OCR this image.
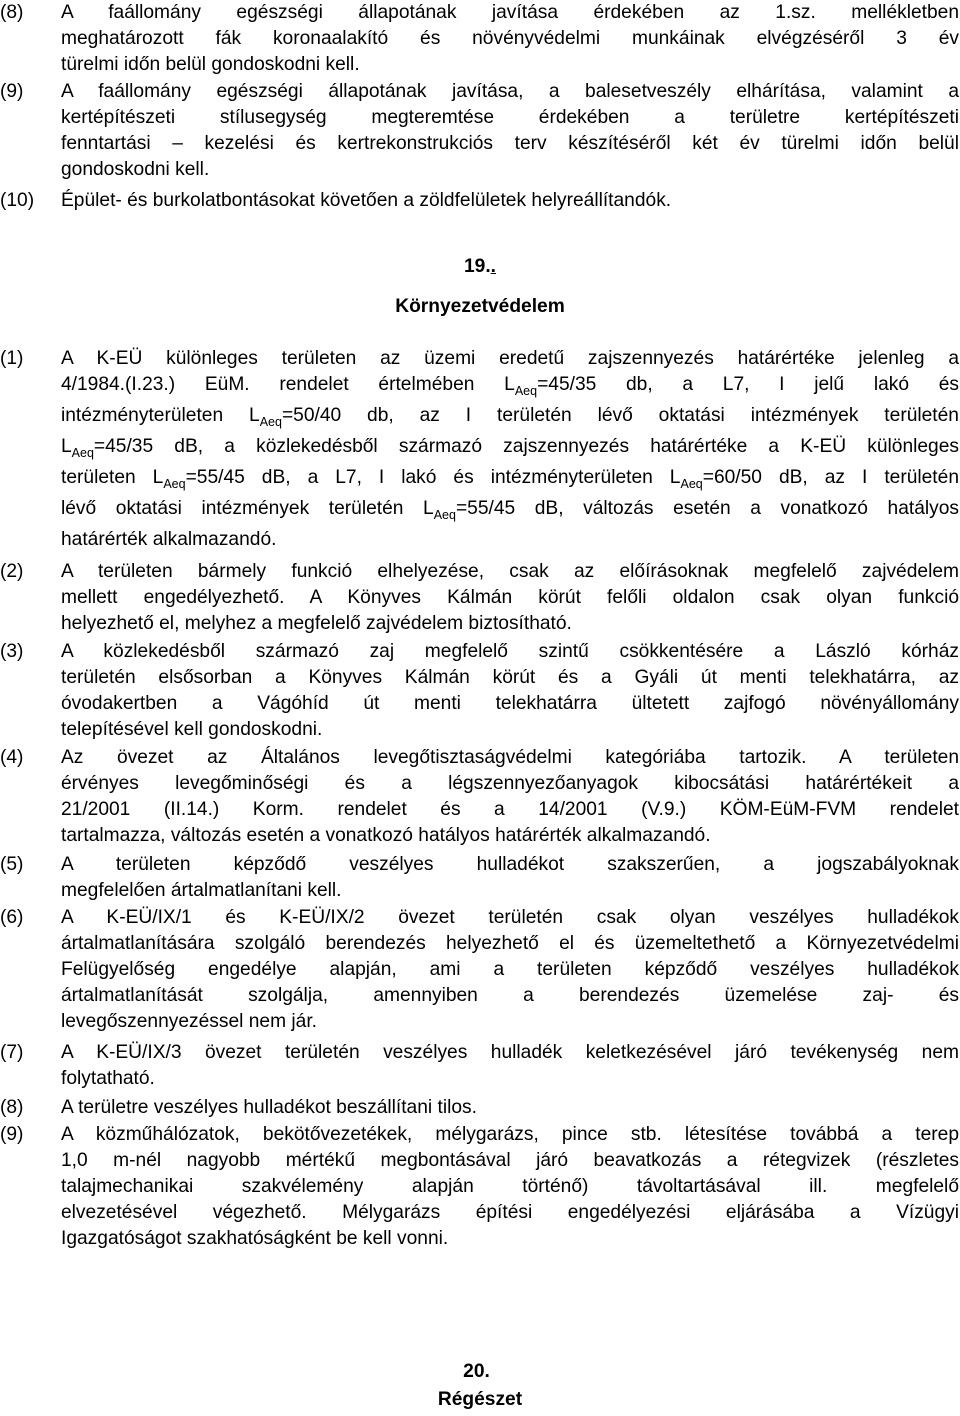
(8)	A faállomány egészségi állapotának javítása érdekében az 1.sz. mellékletben
meghatározott fák koronaalakító és növényvédelmi munkáinak elvégzéséről 3 év
türelmi időn belül gondoskodni kell.
(9)	A faállomány egészségi állapotának javítása, a balesetveszély elhárítása, valamint a
kertépítészeti stílusegység megteremtése érdekében a területre kertépítészeti
fenntartási – kezelési és kertrekonstrukciós terv készítéséről két év türelmi időn belül
gondoskodni kell.
(10)	Épület- és burkolatbontásokat követően a zöldfelületek helyreállítandók.
19..
Környezetvédelem
(1)	A K-EÜ különleges területen az üzemi eredetű zajszennyezés határértéke jelenleg a
4/1984.(I.23.) EüM. rendelet értelmében $L_{Aeq}=45/35$ db, a L7, I jelű lakó és
intézményterületen $L_{Aeq}=50/40$ db, az I területén lévő oktatási intézmények területén
$L_{Aeq}=45/35$ dB, a közlekedésből származó zajszennyezés határértéke a K-EÜ különleges
területen $L_{Aeq}=55/45$ dB, a L7, I lakó és intézményterületen $L_{Aeq}=60/50$ dB, az I területén
lévő oktatási intézmények területén $L_{Aeq}=55/45$ dB, változás esetén a vonatkozó hatályos
határérték alkalmazandó.
(2)	A területen bármely funkció elhelyezése, csak az előírásoknak megfelelő zajvédelem
mellett engedélyezhető. A Könyves Kálmán körút felőli oldalon csak olyan funkció
helyezhető el, melyhez a megfelelő zajvédelem biztosítható.
(3)	A közlekedésből származó zaj megfelelő szintű csökkentésére a László kórház
területén elsősorban a Könyves Kálmán körút és a Gyáli út menti telekhatárra, az
óvodakertben a Vágóhíd út menti telekhatárra ültetett zajfogó növényállomány
telepítésével kell gondoskodni.
(4)	Az övezet az Általános levegőtisztaságvédelmi kategóriába tartozik. A területen
érvényes levegőminőségi és a légszennyezőanyagok kibocsátási határértékeit a
21/2001 (II.14.) Korm. rendelet és a 14/2001 (V.9.) KÖM-EüM-FVM rendelet
tartalmazza, változás esetén a vonatkozó hatályos határérték alkalmazandó.
(5)	A területen képződő veszélyes hulladékot szakszerűen, a jogszabályoknak
megfelelően ártalmatlanítani kell.
(6)	A K-EÜ/IX/1 és K-EÜ/IX/2 övezet területén csak olyan veszélyes hulladékok
ártalmatlanítására szolgáló berendezés helyezhető el és üzemeltethető a Környezetvédelmi
Felügyelőség engedélye alapján, ami a területen képződő veszélyes hulladékok
ártalmatlanítását szolgálja, amennyiben a berendezés üzemelése zaj- és
levegőszennyezéssel nem jár.
(7)	A K-EÜ/IX/3 övezet területén veszélyes hulladék keletkezésével járó tevékenység nem
folytatható.
(8)	A területre veszélyes hulladékot beszállítani tilos.
(9)	A közműhálózatok, bekötővezetékek, mélygarázs, pince stb. létesítése továbbá a terep
1,0 m-nél nagyobb mértékű megbontásával járó beavatkozás a rétegvizek (részletes
talajmechanikai szakvélemény alapján történő) távoltartásával ill. megfelelő
elvezetésével végezhető. Mélygarázs építési engedélyezési eljárásába a Vízügyi
Igazgatóságot szakhatóságként be kell vonni.
20.
Régészet
